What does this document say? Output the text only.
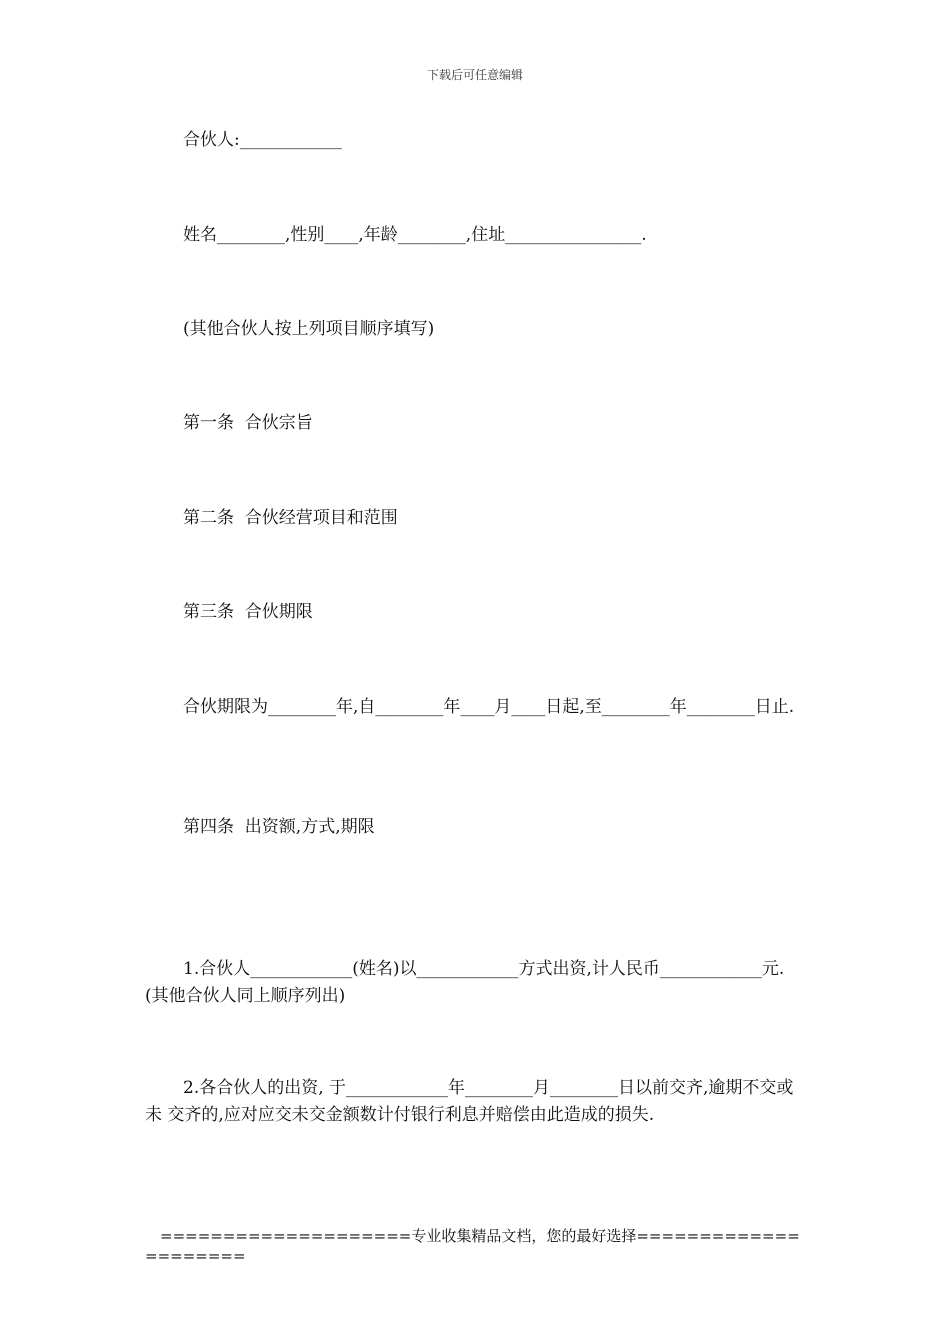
下载后可任意编辑
合伙人:____________
姓名________,性别____,年龄________,住址________________.
(其他合伙人按上列项目顺序填写)
第一条  合伙宗旨
第二条  合伙经营项目和范围
第三条  合伙期限
合伙期限为________年,自________年____月____日起,至________年________日止.
第四条  出资额,方式,期限
1.合伙人____________(姓名)以____________方式出资,计人民币____________元. (其他合伙人同上顺序列出)
2.各合伙人的出资, 于____________年________月________日以前交齐,逾期不交或未 交齐的,应对应交未交金额数计付银行利息并赔偿由此造成的损失.
====================专业收集精品文档，您的最好选择=====================
